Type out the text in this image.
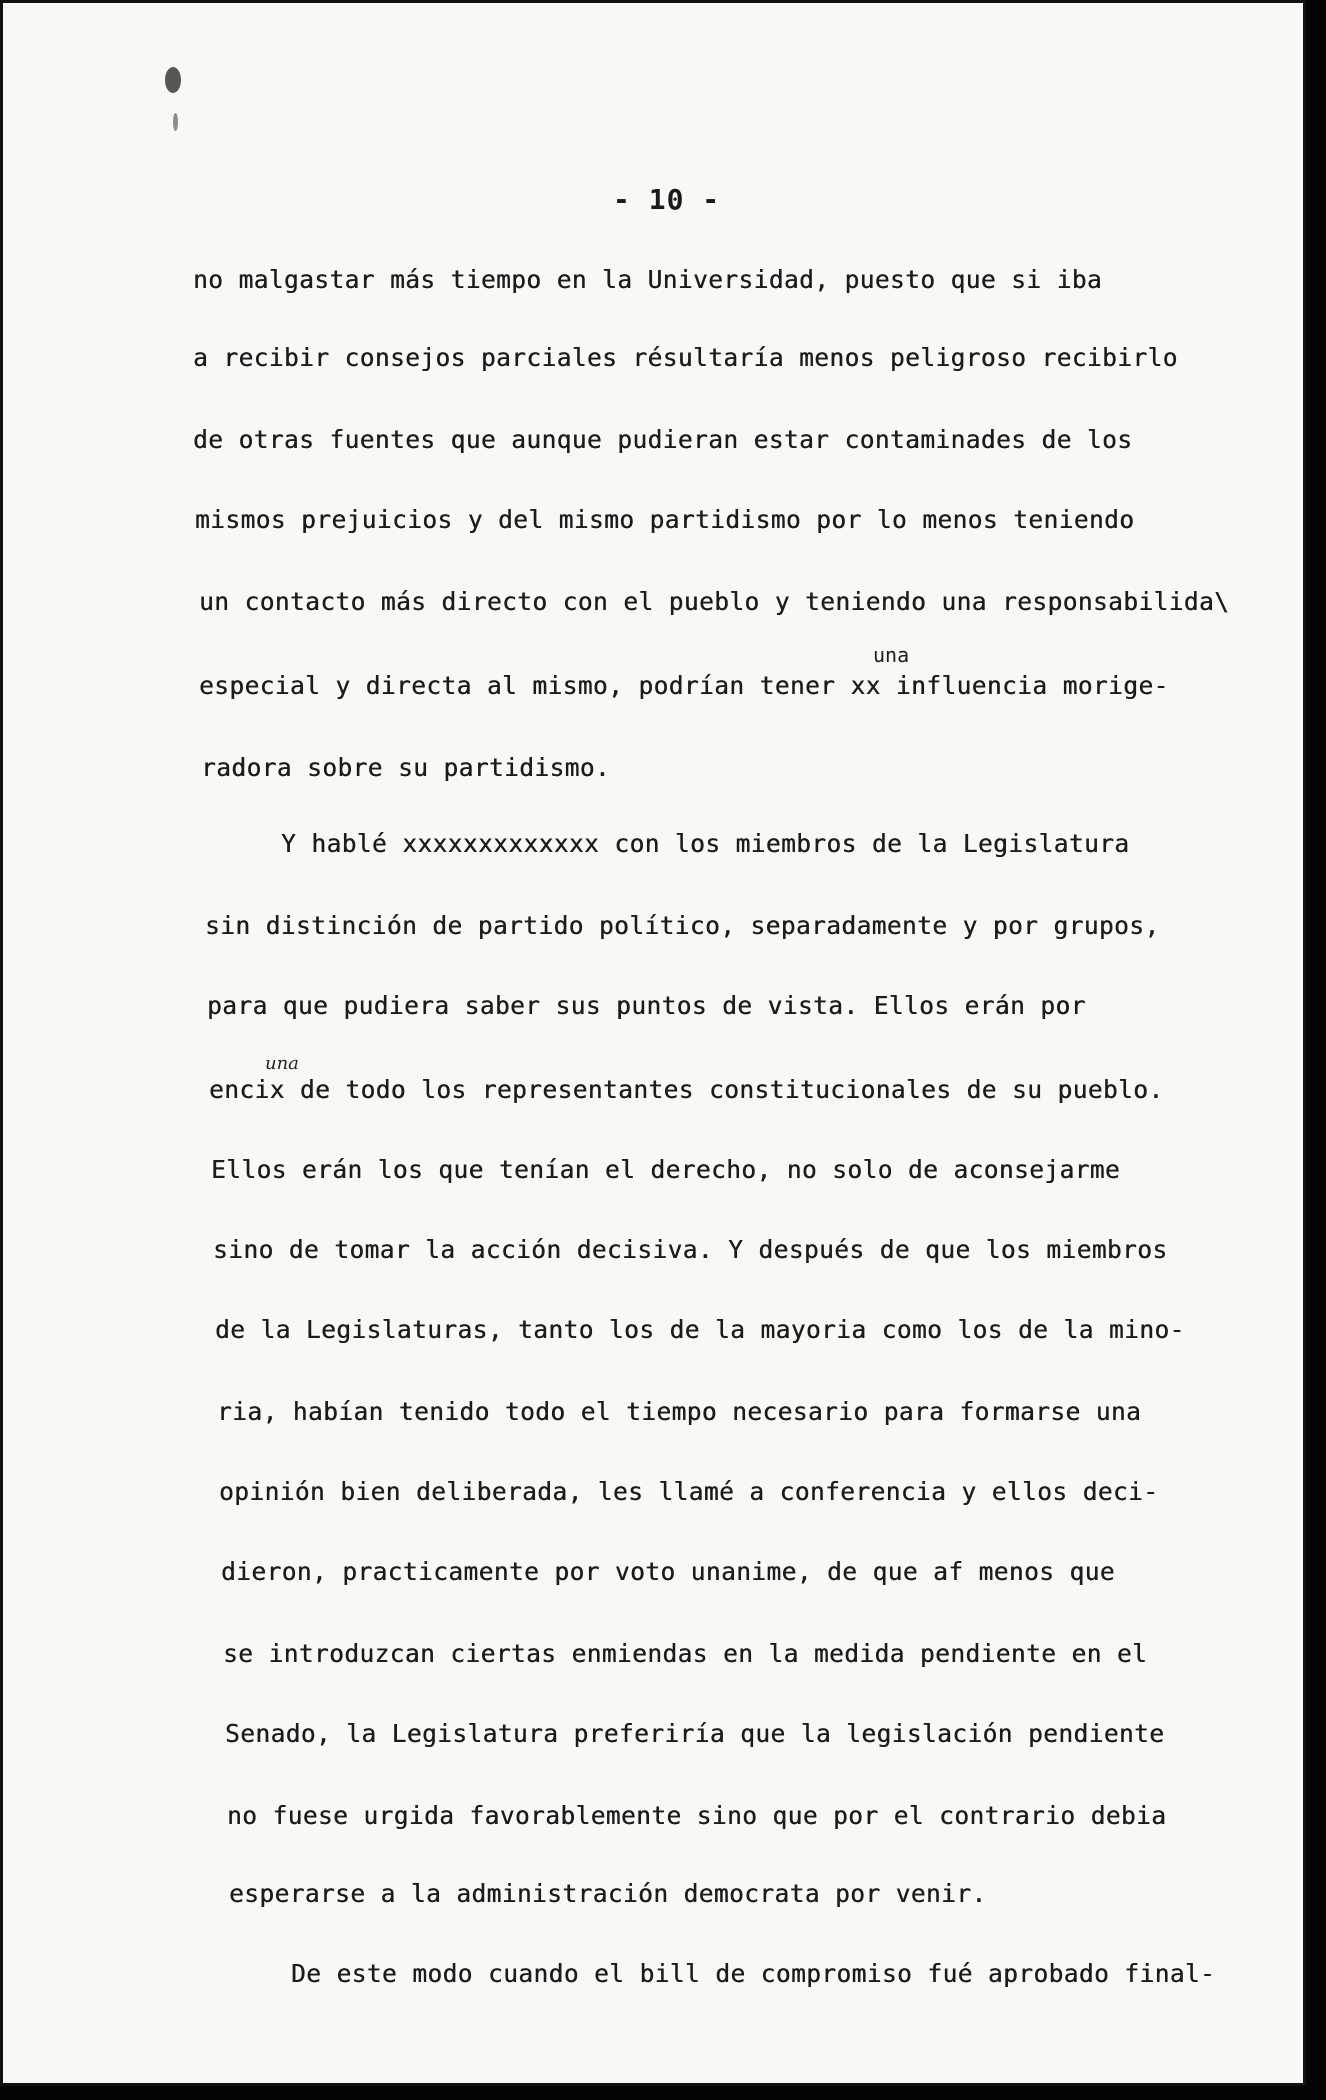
- 10 -
no malgastar más tiempo en la Universidad, puesto que si iba
a recibir consejos parciales résultaría menos peligroso recibirlo
de otras fuentes que aunque pudieran estar contaminades de los
mismos prejuicios y del mismo partidismo por lo menos teniendo
un contacto más directo con el pueblo y teniendo una responsabilida\
una
especial y directa al mismo, podrían tener xx influencia morige-
radora sobre su partidismo.
Y hablé xxxxxxxxxxxxx con los miembros de la Legislatura
sin distinción de partido político, separadamente y por grupos,
para que pudiera saber sus puntos de vista. Ellos erán por
una
encix de todo los representantes constitucionales de su pueblo.
Ellos erán los que tenían el derecho, no solo de aconsejarme
sino de tomar la acción decisiva. Y después de que los miembros
de la Legislaturas, tanto los de la mayoria como los de la mino-
ria, habían tenido todo el tiempo necesario para formarse una
opinión bien deliberada, les llamé a conferencia y ellos deci-
dieron, practicamente por voto unanime, de que af menos que
se introduzcan ciertas enmiendas en la medida pendiente en el
Senado, la Legislatura preferiría que la legislación pendiente
no fuese urgida favorablemente sino que por el contrario debia
esperarse a la administración democrata por venir.
De este modo cuando el bill de compromiso fué aprobado final-
